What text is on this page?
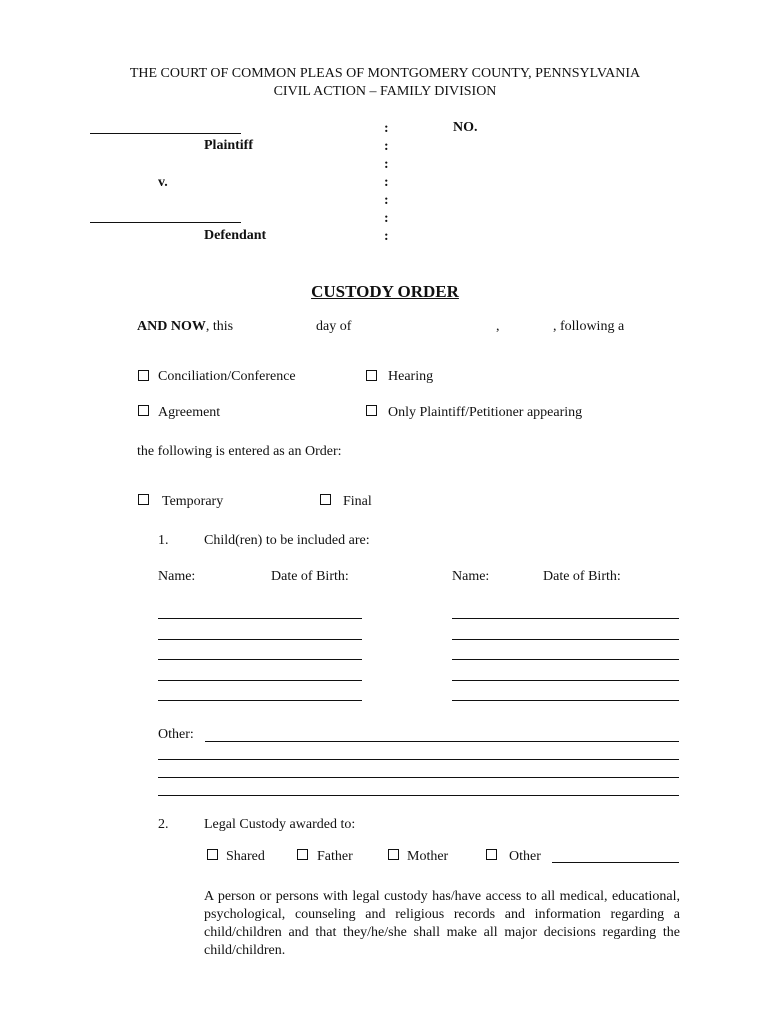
THE COURT OF COMMON PLEAS OF MONTGOMERY COUNTY, PENNSYLVANIA
CIVIL ACTION – FAMILY DIVISION
Plaintiff
v.
Defendant
:
:
:
:
:
:
:
NO.
CUSTODY ORDER
AND NOW, this	day of	,	, following a
Conciliation/Conference	Hearing
Agreement	Only Plaintiff/Petitioner appearing
the following is entered as an Order:
Temporary	Final
1.	Child(ren) to be included are:
Name:	Date of Birth:	Name:	Date of Birth:
Other:
2.	Legal Custody awarded to:
Shared	Father	Mother	Other
A person or persons with legal custody has/have access to all medical, educational, psychological, counseling and religious records and information regarding a child/children and that they/he/she shall make all major decisions regarding the child/children.
